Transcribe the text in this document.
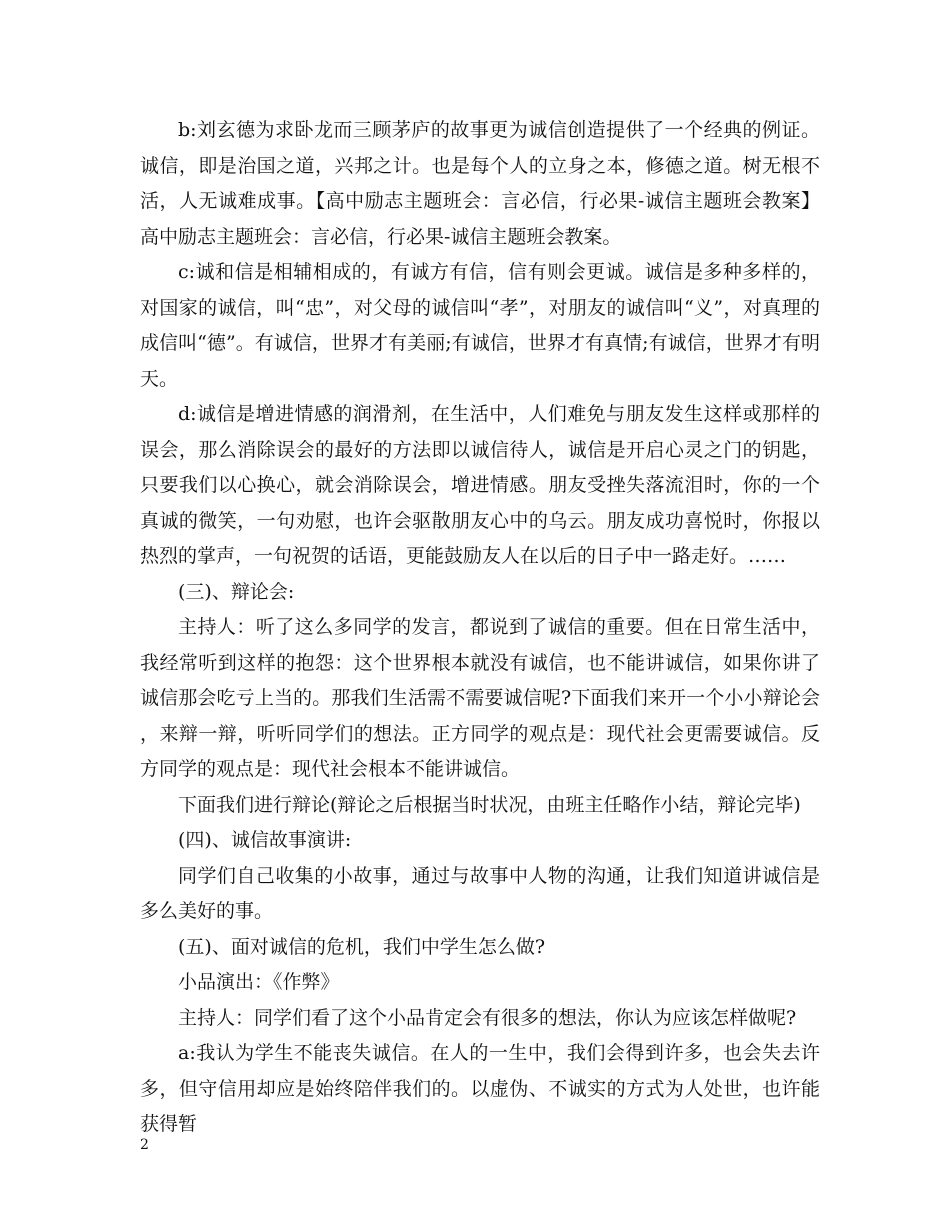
b:刘玄德为求卧龙而三顾茅庐的故事更为诚信创造提供了一个经典的例证。诚信，即是治国之道，兴邦之计。也是每个人的立身之本，修德之道。树无根不活，人无诚难成事。【高中励志主题班会：言必信，行必果-诚信主题班会教案】高中励志主题班会：言必信，行必果-诚信主题班会教案。

c:诚和信是相辅相成的，有诚方有信，信有则会更诚。诚信是多种多样的，对国家的诚信，叫“忠”，对父母的诚信叫“孝”，对朋友的诚信叫“义”，对真理的成信叫“德”。有诚信，世界才有美丽;有诚信，世界才有真情;有诚信，世界才有明天。

d:诚信是增进情感的润滑剂，在生活中，人们难免与朋友发生这样或那样的误会，那么消除误会的最好的方法即以诚信待人，诚信是开启心灵之门的钥匙，只要我们以心换心，就会消除误会，增进情感。朋友受挫失落流泪时，你的一个真诚的微笑，一句劝慰，也许会驱散朋友心中的乌云。朋友成功喜悦时，你报以热烈的掌声，一句祝贺的话语，更能鼓励友人在以后的日子中一路走好。……

(三)、辩论会:

主持人：听了这么多同学的发言，都说到了诚信的重要。但在日常生活中，我经常听到这样的抱怨：这个世界根本就没有诚信，也不能讲诚信，如果你讲了诚信那会吃亏上当的。那我们生活需不需要诚信呢?下面我们来开一个小小辩论会，来辩一辩，听听同学们的想法。正方同学的观点是：现代社会更需要诚信。反方同学的观点是：现代社会根本不能讲诚信。

下面我们进行辩论(辩论之后根据当时状况，由班主任略作小结，辩论完毕)

(四)、诚信故事演讲:

同学们自己收集的小故事，通过与故事中人物的沟通，让我们知道讲诚信是多么美好的事。

(五)、面对诚信的危机，我们中学生怎么做?

小品演出：《作弊》

主持人：同学们看了这个小品肯定会有很多的想法，你认为应该怎样做呢?

a:我认为学生不能丧失诚信。在人的一生中，我们会得到许多，也会失去许多，但守信用却应是始终陪伴我们的。以虚伪、不诚实的方式为人处世，也许能获得暂

2
